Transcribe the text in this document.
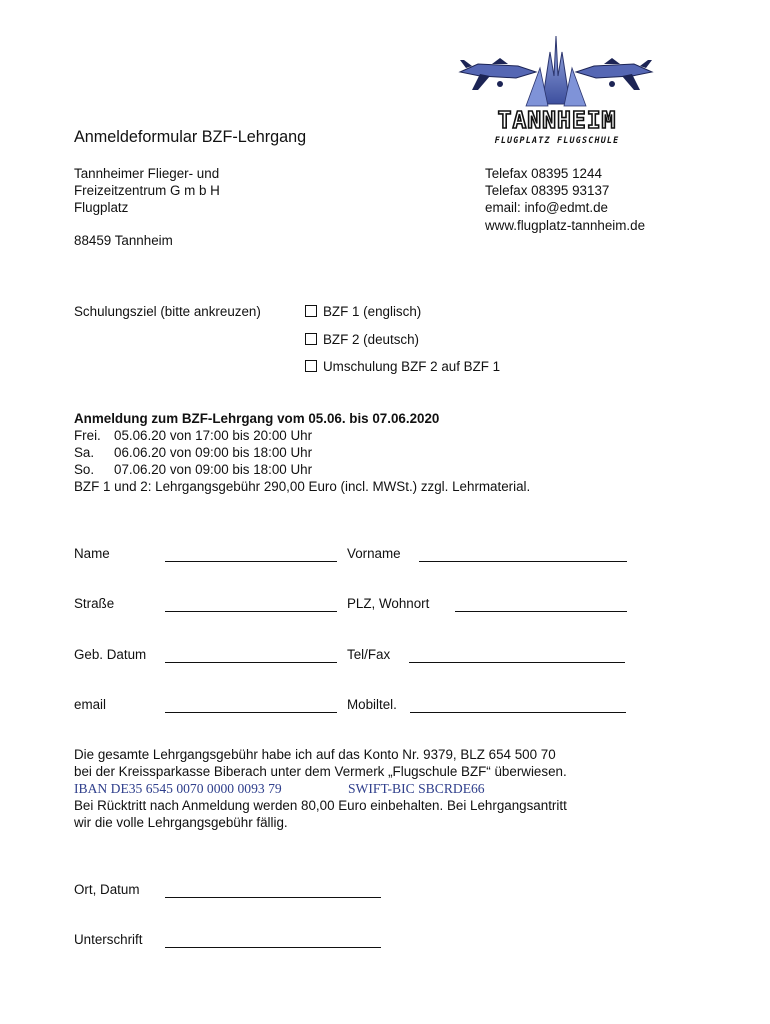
TANNHEIM
FLUGPLATZ FLUGSCHULE
Anmeldeformular BZF-Lehrgang
Tannheimer Flieger- und
Freizeitzentrum G m b H
Flugplatz
88459 Tannheim
Telefax 08395 1244
Telefax 08395 93137
email: info@edmt.de
www.flugplatz-tannheim.de
Schulungsziel (bitte ankreuzen)	BZF 1 (englisch)
BZF 2 (deutsch)
Umschulung BZF 2 auf BZF 1
Anmeldung zum BZF-Lehrgang vom 05.06. bis 07.06.2020
Frei. 05.06.20 von 17:00 bis 20:00 Uhr
Sa. 06.06.20 von 09:00 bis 18:00 Uhr
So. 07.06.20 von 09:00 bis 18:00 Uhr
BZF 1 und 2: Lehrgangsgebühr 290,00 Euro (incl. MWSt.) zzgl. Lehrmaterial.
Name	Vorname
Straße	PLZ, Wohnort
Geb. Datum	Tel/Fax
email	Mobiltel.
Die gesamte Lehrgangsgebühr habe ich auf das Konto Nr. 9379, BLZ 654 500 70
bei der Kreissparkasse Biberach unter dem Vermerk „Flugschule BZF“ überwiesen.
IBAN DE35 6545 0070 0000 0093 79	SWIFT-BIC SBCRDE66
Bei Rücktritt nach Anmeldung werden 80,00 Euro einbehalten. Bei Lehrgangsantritt
wir die volle Lehrgangsgebühr fällig.
Ort, Datum
Unterschrift
